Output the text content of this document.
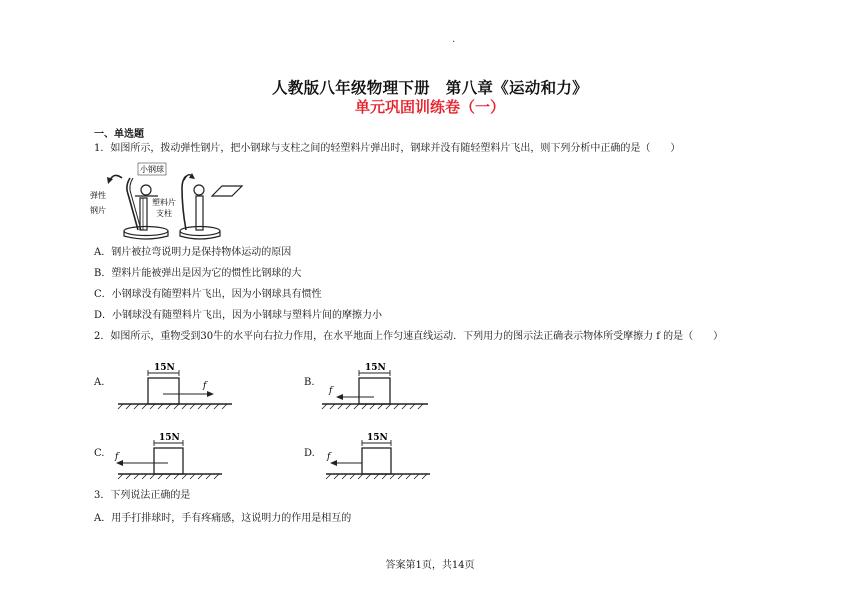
.
人教版八年级物理下册　第八章《运动和力》
单元巩固训练卷（一）
一、单选题
1．如图所示，拨动弹性钢片，把小钢球与支柱之间的轻塑料片弹出时，钢球并没有随轻塑料片飞出，则下列分析中正确的是（　　）
小钢球
弹性
钢片
塑料片
支柱
A．钢片被拉弯说明力是保持物体运动的原因
B．塑料片能被弹出是因为它的惯性比钢球的大
C．小钢球没有随塑料片飞出，因为小钢球具有惯性
D．小钢球没有随塑料片飞出，因为小钢球与塑料片间的摩擦力小
2．如图所示，重物受到30牛的水平向右拉力作用，在水平地面上作匀速直线运动．下列用力的图示法正确表示物体所受摩擦力 f 的是（　　）
A.	B.
C.	D.
15N
f
15N
f
15N
f
15N
f
3．下列说法正确的是
A．用手打排球时，手有疼痛感，这说明力的作用是相互的
答案第1页，共14页
